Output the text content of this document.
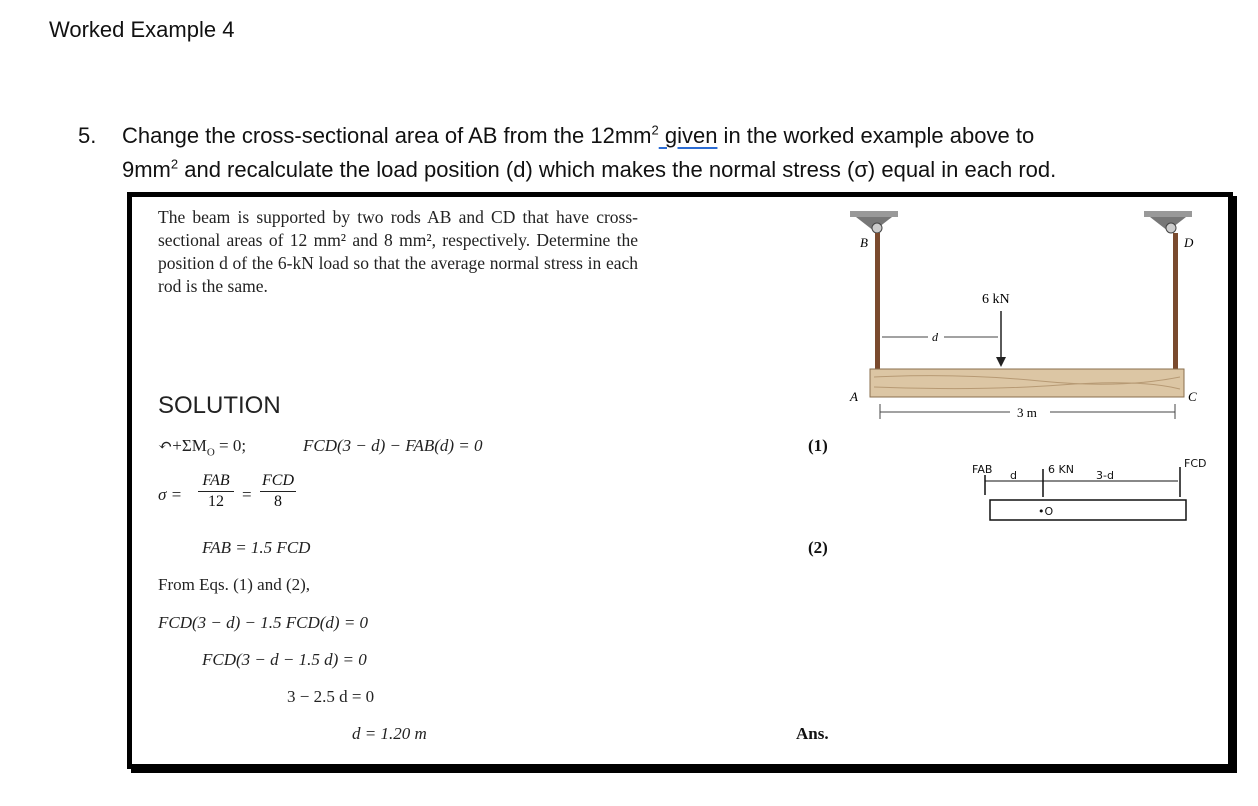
Worked Example 4
5. Change the cross-sectional area of AB from the $12mm^2$ given in the worked example above to
$9mm^2$ and recalculate the load position (d) which makes the normal stress (σ) equal in each rod.
The beam is supported by two rods AB and CD that have cross-sectional areas of 12 mm² and 8 mm², respectively. Determine the position d of the 6-kN load so that the average normal stress in each rod is the same.
SOLUTION
$↶+\Sigma M_O = 0$;	FCD(3 − d) − FAB(d) = 0	(1)
σ =
FAB
12	=
FCD
8
FAB = 1.5 FCD	(2)
From Eqs. (1) and (2),
FCD(3 − d) − 1.5 FCD(d) = 0
FCD(3 − d − 1.5 d) = 0
3 − 2.5 d = 0
d = 1.20 m	Ans.
B	D
A	C
6 kN
d
3 m
FAB d	6 KN 3-d
FCD
•O
